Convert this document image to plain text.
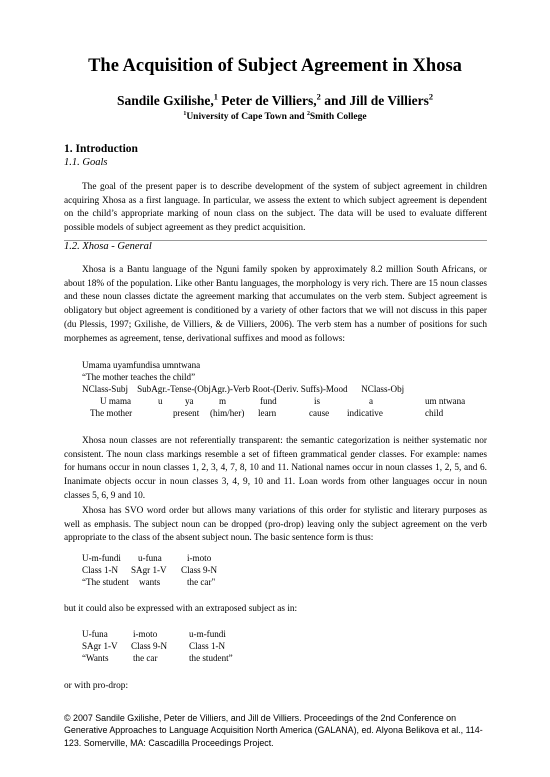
The Acquisition of Subject Agreement in Xhosa
Sandile Gxilishe,$^1$ Peter de Villiers,$^2$ and Jill de Villiers$^2$
$^1$University of Cape Town and $^2$Smith College
1. Introduction
1.1. Goals

The goal of the present paper is to describe development of the system of subject agreement in children acquiring Xhosa as a first language. In particular, we assess the extent to which subject agreement is dependent on the child’s appropriate marking of noun class on the subject. The data will be used to evaluate different possible models of subject agreement as they predict acquisition.

1.2. Xhosa - General

Xhosa is a Bantu language of the Nguni family spoken by approximately 8.2 million South Africans, or about 18% of the population. Like other Bantu languages, the morphology is very rich. There are 15 noun classes and these noun classes dictate the agreement marking that accumulates on the verb stem. Subject agreement is obligatory but object agreement is conditioned by a variety of other factors that we will not discuss in this paper (du Plessis, 1997; Gxilishe, de Villiers, & de Villiers, 2006). The verb stem has a number of positions for such morphemes as agreement, tense, derivational suffixes and mood as follows:

Umama uyamfundisa umntwana
“The mother teaches the child”
NClass-Subj    SubAgr.-Tense-(ObjAgr.)-Verb Root-(Deriv. Suffs)-Mood      NClass-Obj
U mama	u ya	m	fund	is	a	um ntwana
The mother	present (him/her) learn	cause indicative	child

Xhosa noun classes are not referentially transparent: the semantic categorization is neither systematic nor consistent. The noun class markings resemble a set of fifteen grammatical gender classes. For example: names for humans occur in noun classes 1, 2, 3, 4, 7, 8, 10 and 11. National names occur in noun classes 1, 2, 5, and 6. Inanimate objects occur in noun classes 3, 4, 9, 10 and 11. Loan words from other languages occur in noun classes 5, 6, 9 and 10.

Xhosa has SVO word order but allows many variations of this order for stylistic and literary purposes as well as emphasis. The subject noun can be dropped (pro-drop) leaving only the subject agreement on the verb appropriate to the class of the absent subject noun. The basic sentence form is thus:

U-m-fundi u-funa	i-moto
Class 1-N SAgr 1-V Class 9-N
“The student wants	the car"

but it could also be expressed with an extraposed subject as in:

U-funa	i-moto	u-m-fundi
SAgr 1-V Class 9-N Class 1-N
“Wants	the car	the student”

or with pro-drop:

© 2007 Sandile Gxilishe, Peter de Villiers, and Jill de Villiers. Proceedings of the 2nd Conference on Generative Approaches to Language Acquisition North America (GALANA), ed. Alyona Belikova et al., 114-123. Somerville, MA: Cascadilla Proceedings Project.
